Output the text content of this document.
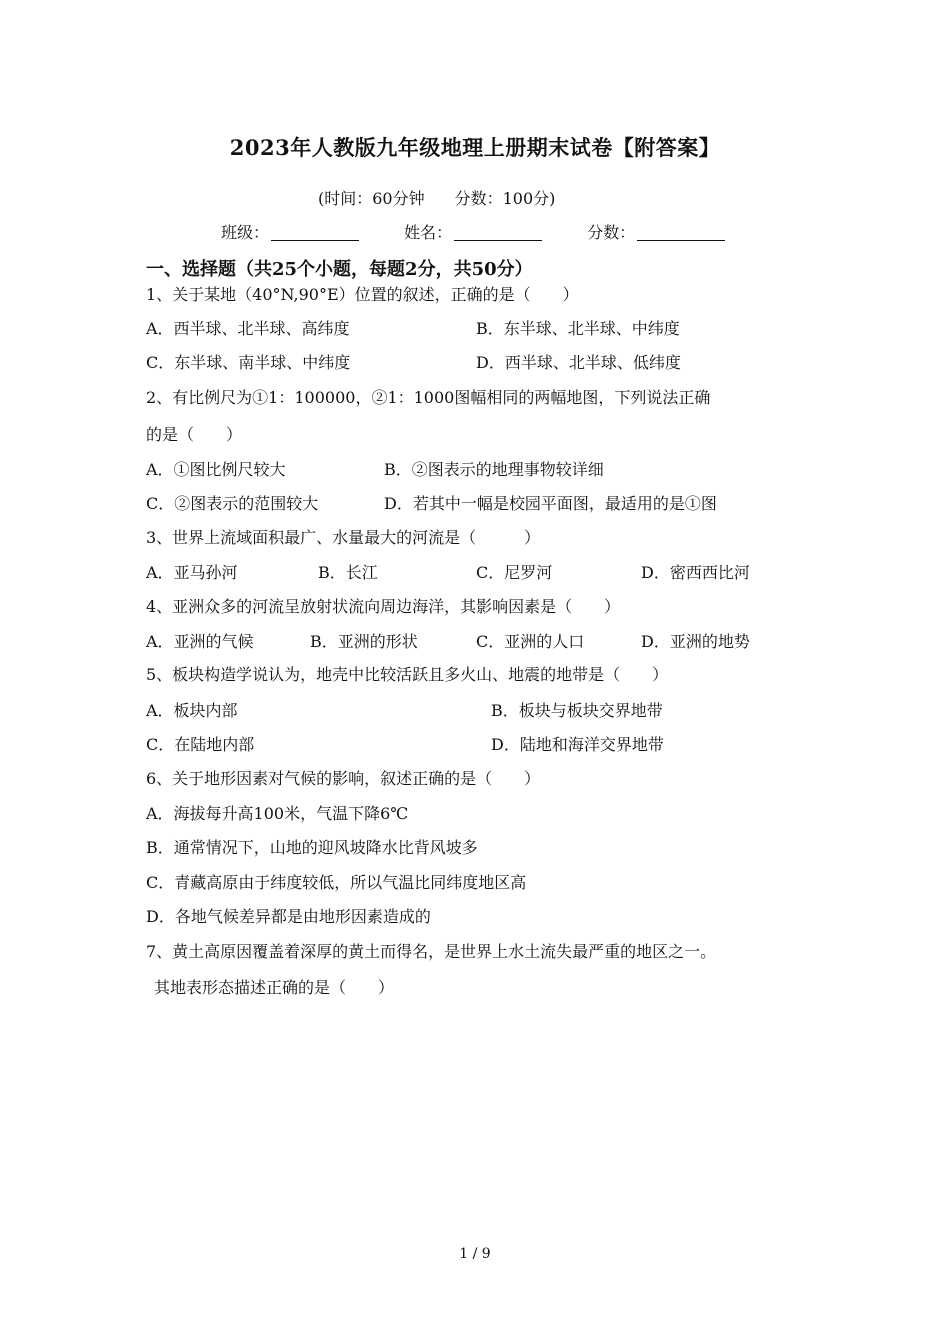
2023年人教版九年级地理上册期末试卷【附答案】
(时间：60分钟 分数：100分)
班级：	姓名：	分数：
一、选择题（共25个小题，每题2分，共50分）
1、关于某地（40°N,90°E）位置的叙述，正确的是（　　）
A．西半球、北半球、高纬度	B．东半球、北半球、中纬度
C．东半球、南半球、中纬度	D．西半球、北半球、低纬度
2、有比例尺为①1：100000，②1：1000图幅相同的两幅地图，下列说法正确
的是（　　）
A．①图比例尺较大	B．②图表示的地理事物较详细
C．②图表示的范围较大	D．若其中一幅是校园平面图，最适用的是①图
3、世界上流域面积最广、水量最大的河流是（　　　）
A．亚马孙河	B．长江	C．尼罗河	D．密西西比河
4、亚洲众多的河流呈放射状流向周边海洋，其影响因素是（　　）
A．亚洲的气候	B．亚洲的形状	C．亚洲的人口	D．亚洲的地势
5、板块构造学说认为，地壳中比较活跃且多火山、地震的地带是（　　）
A．板块内部	B．板块与板块交界地带
C．在陆地内部	D．陆地和海洋交界地带
6、关于地形因素对气候的影响，叙述正确的是（　　）
A．海拔每升高100米，气温下降6℃
B．通常情况下，山地的迎风坡降水比背风坡多
C．青藏高原由于纬度较低，所以气温比同纬度地区高
D．各地气候差异都是由地形因素造成的
7、黄土高原因覆盖着深厚的黄土而得名，是世界上水土流失最严重的地区之一。
其地表形态描述正确的是（　　）
1 / 9
